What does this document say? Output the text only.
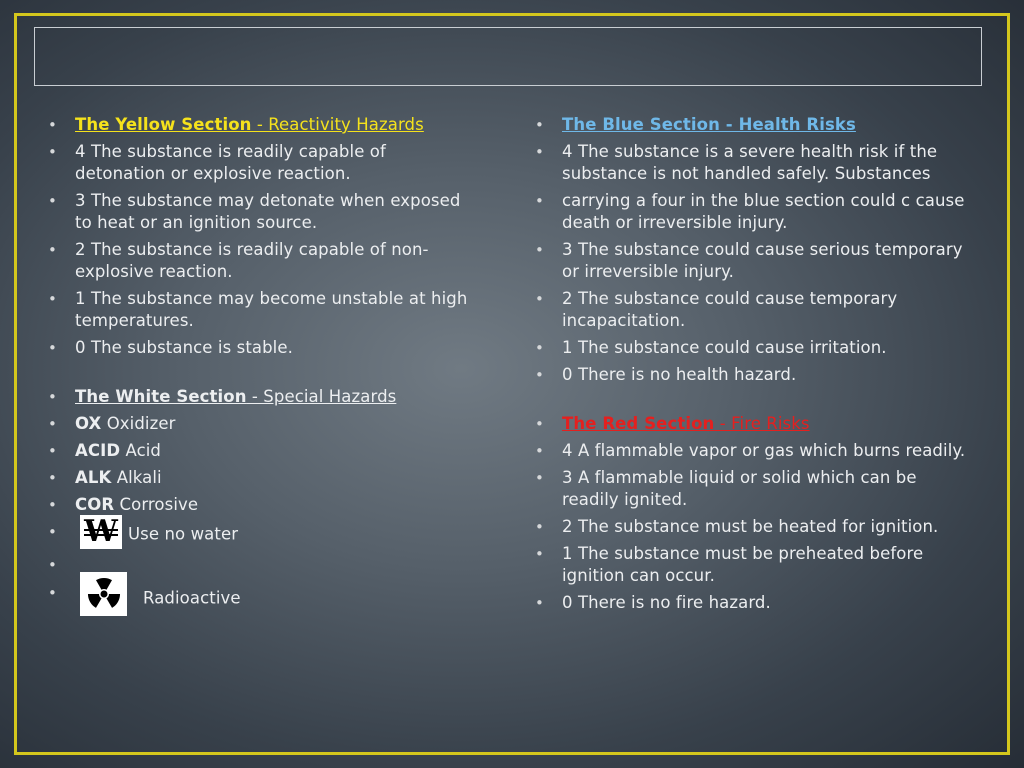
• The Yellow Section - Reactivity Hazards
• 4 The substance is readily capable of detonation or explosive reaction.
• 3 The substance may detonate when exposed to heat or an ignition source.
• 2 The substance is readily capable of non-explosive reaction.
• 1 The substance may become unstable at high temperatures.
• 0 The substance is stable.
• The White Section - Special Hazards
• OX Oxidizer
• ACID Acid
• ALK Alkali
• COR Corrosive
• W Use no water
•
• Radioactive
• The Blue Section - Health Risks
• 4 The substance is a severe health risk if the substance is not handled safely. Substances
• carrying a four in the blue section could c cause death or irreversible injury.
• 3 The substance could cause serious temporary or irreversible injury.
• 2 The substance could cause temporary incapacitation.
• 1 The substance could cause irritation.
• 0 There is no health hazard.
• The Red Section - Fire Risks
• 4 A flammable vapor or gas which burns readily.
• 3 A flammable liquid or solid which can be readily ignited.
• 2 The substance must be heated for ignition.
• 1 The substance must be preheated before ignition can occur.
• 0 There is no fire hazard.
